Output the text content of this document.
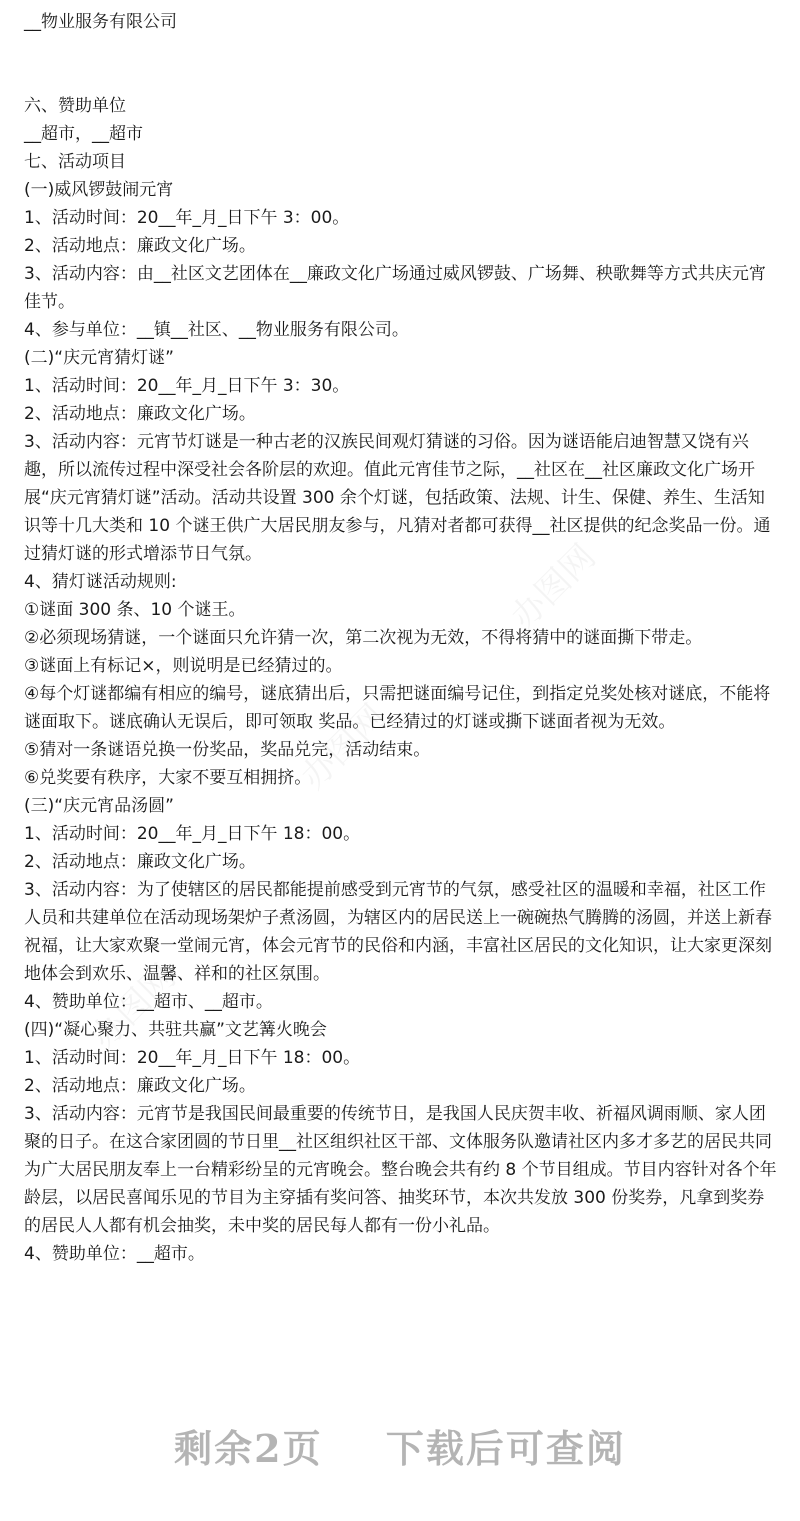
__物业服务有限公司

六、赞助单位

__超市，__超市

七、活动项目

(一)威风锣鼓闹元宵

1、活动时间：20__年_月_日下午 3：00。

2、活动地点：廉政文化广场。

3、活动内容：由__社区文艺团体在__廉政文化广场通过威风锣鼓、广场舞、秧歌舞等方式共庆元宵佳节。

4、参与单位：__镇__社区、__物业服务有限公司。

(二)“庆元宵猜灯谜”

1、活动时间：20__年_月_日下午 3：30。

2、活动地点：廉政文化广场。

3、活动内容：元宵节灯谜是一种古老的汉族民间观灯猜谜的习俗。因为谜语能启迪智慧又饶有兴趣，所以流传过程中深受社会各阶层的欢迎。值此元宵佳节之际，__社区在__社区廉政文化广场开展“庆元宵猜灯谜”活动。活动共设置 300 余个灯谜，包括政策、法规、计生、保健、养生、生活知识等十几大类和 10 个谜王供广大居民朋友参与，凡猜对者都可获得__社区提供的纪念奖品一份。通过猜灯谜的形式增添节日气氛。

4、猜灯谜活动规则:

①谜面 300 条、10 个谜王。

②必须现场猜谜，一个谜面只允许猜一次，第二次视为无效，不得将猜中的谜面撕下带走。

③谜面上有标记×，则说明是已经猜过的。

④每个灯谜都编有相应的编号，谜底猜出后，只需把谜面编号记住，到指定兑奖处核对谜底，不能将谜面取下。谜底确认无误后，即可领取 奖品。已经猜过的灯谜或撕下谜面者视为无效。

⑤猜对一条谜语兑换一份奖品，奖品兑完，活动结束。

⑥兑奖要有秩序，大家不要互相拥挤。

(三)“庆元宵品汤圆”

1、活动时间：20__年_月_日下午 18：00。

2、活动地点：廉政文化广场。

3、活动内容：为了使辖区的居民都能提前感受到元宵节的气氛，感受社区的温暖和幸福，社区工作人员和共建单位在活动现场架炉子煮汤圆，为辖区内的居民送上一碗碗热气腾腾的汤圆，并送上新春祝福，让大家欢聚一堂闹元宵，体会元宵节的民俗和内涵，丰富社区居民的文化知识，让大家更深刻地体会到欢乐、温馨、祥和的社区氛围。

4、赞助单位：__超市、__超市。

(四)“凝心聚力、共驻共赢”文艺篝火晚会

1、活动时间：20__年_月_日下午 18：00。

2、活动地点：廉政文化广场。

3、活动内容：元宵节是我国民间最重要的传统节日，是我国人民庆贺丰收、祈福风调雨顺、家人团聚的日子。在这合家团圆的节日里__社区组织社区干部、文体服务队邀请社区内多才多艺的居民共同为广大居民朋友奉上一台精彩纷呈的元宵晚会。整台晚会共有约 8 个节目组成。节目内容针对各个年龄层，以居民喜闻乐见的节目为主穿插有奖问答、抽奖环节，本次共发放 300 份奖券，凡拿到奖券的居民人人都有机会抽奖，未中奖的居民每人都有一份小礼品。

4、赞助单位：__超市。

剩余2页 下载后可查阅
